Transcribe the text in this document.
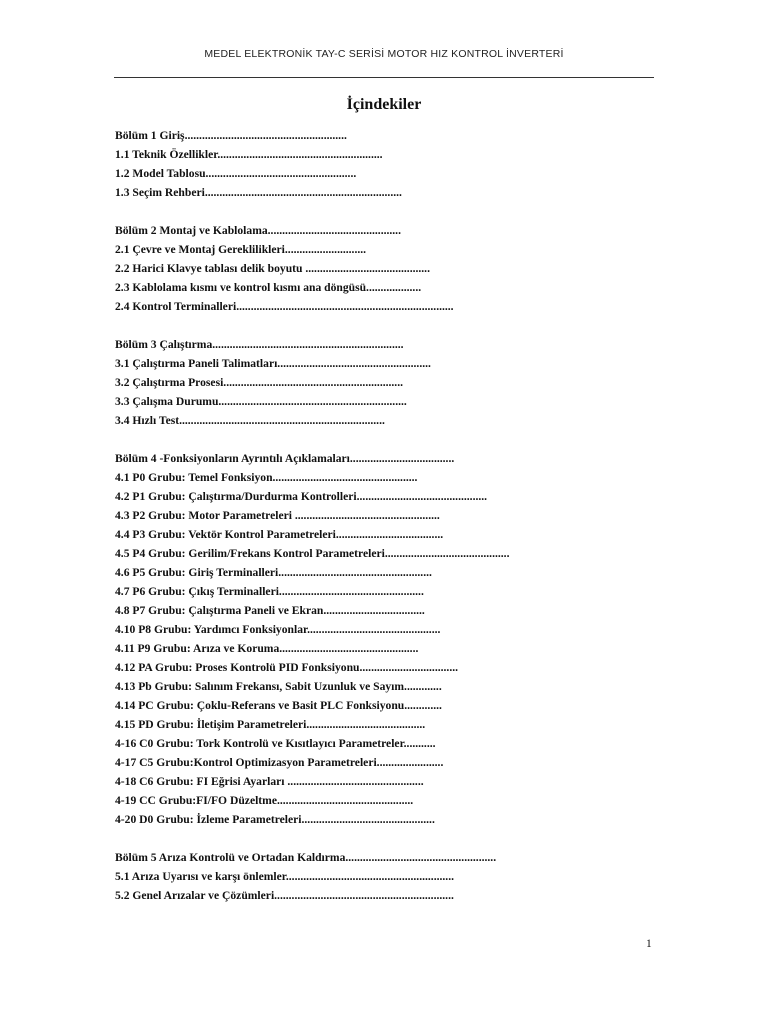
MEDEL ELEKTRONİK TAY-C SERİSİ MOTOR HIZ KONTROL İNVERTERİ
İçindekiler
Bölüm 1 Giriş........................................................
1.1 Teknik Özellikler.........................................................
1.2 Model Tablosu....................................................
1.3 Seçim Rehberi....................................................................
Bölüm 2 Montaj ve Kablolama..............................................
2.1 Çevre ve Montaj Gereklilikleri............................
2.2 Harici Klavye tablası delik boyutu ...........................................
2.3 Kablolama kısmı ve kontrol kısmı ana döngüsü...................
2.4 Kontrol Terminalleri...........................................................................
Bölüm 3 Çalıştırma..................................................................
3.1 Çalıştırma Paneli Talimatları.....................................................
3.2 Çalıştırma Prosesi..............................................................
3.3 Çalışma Durumu.................................................................
3.4 Hızlı Test.......................................................................
Bölüm 4 -Fonksiyonların Ayrıntılı Açıklamaları....................................
4.1 P0 Grubu: Temel Fonksiyon..................................................
4.2 P1 Grubu: Çalıştırma/Durdurma Kontrolleri.............................................
4.3 P2 Grubu: Motor Parametreleri ..................................................
4.4 P3 Grubu: Vektör Kontrol Parametreleri.....................................
4.5 P4 Grubu: Gerilim/Frekans Kontrol Parametreleri...........................................
4.6 P5 Grubu: Giriş Terminalleri.....................................................
4.7 P6 Grubu: Çıkış Terminalleri..................................................
4.8 P7 Grubu: Çalıştırma Paneli ve Ekran...................................
4.10 P8 Grubu: Yardımcı Fonksiyonlar..............................................
4.11 P9 Grubu: Arıza ve Koruma................................................
4.12 PA Grubu: Proses Kontrolü PID Fonksiyonu..................................
4.13 Pb Grubu: Salınım Frekansı, Sabit Uzunluk ve Sayım.............
4.14 PC Grubu: Çoklu-Referans ve Basit PLC Fonksiyonu.............
4.15 PD Grubu: İletişim Parametreleri.........................................
4-16 C0 Grubu: Tork Kontrolü ve Kısıtlayıcı Parametreler...........
4-17 C5 Grubu:Kontrol Optimizasyon Parametreleri.......................
4-18 C6 Grubu: FI Eğrisi Ayarları ...............................................
4-19 CC Grubu:FI/FO Düzeltme...............................................
4-20 D0 Grubu: İzleme Parametreleri..............................................
Bölüm 5 Arıza Kontrolü ve Ortadan Kaldırma....................................................
5.1 Arıza Uyarısı ve karşı önlemler..........................................................
5.2 Genel Arızalar ve Çözümleri..............................................................
1
